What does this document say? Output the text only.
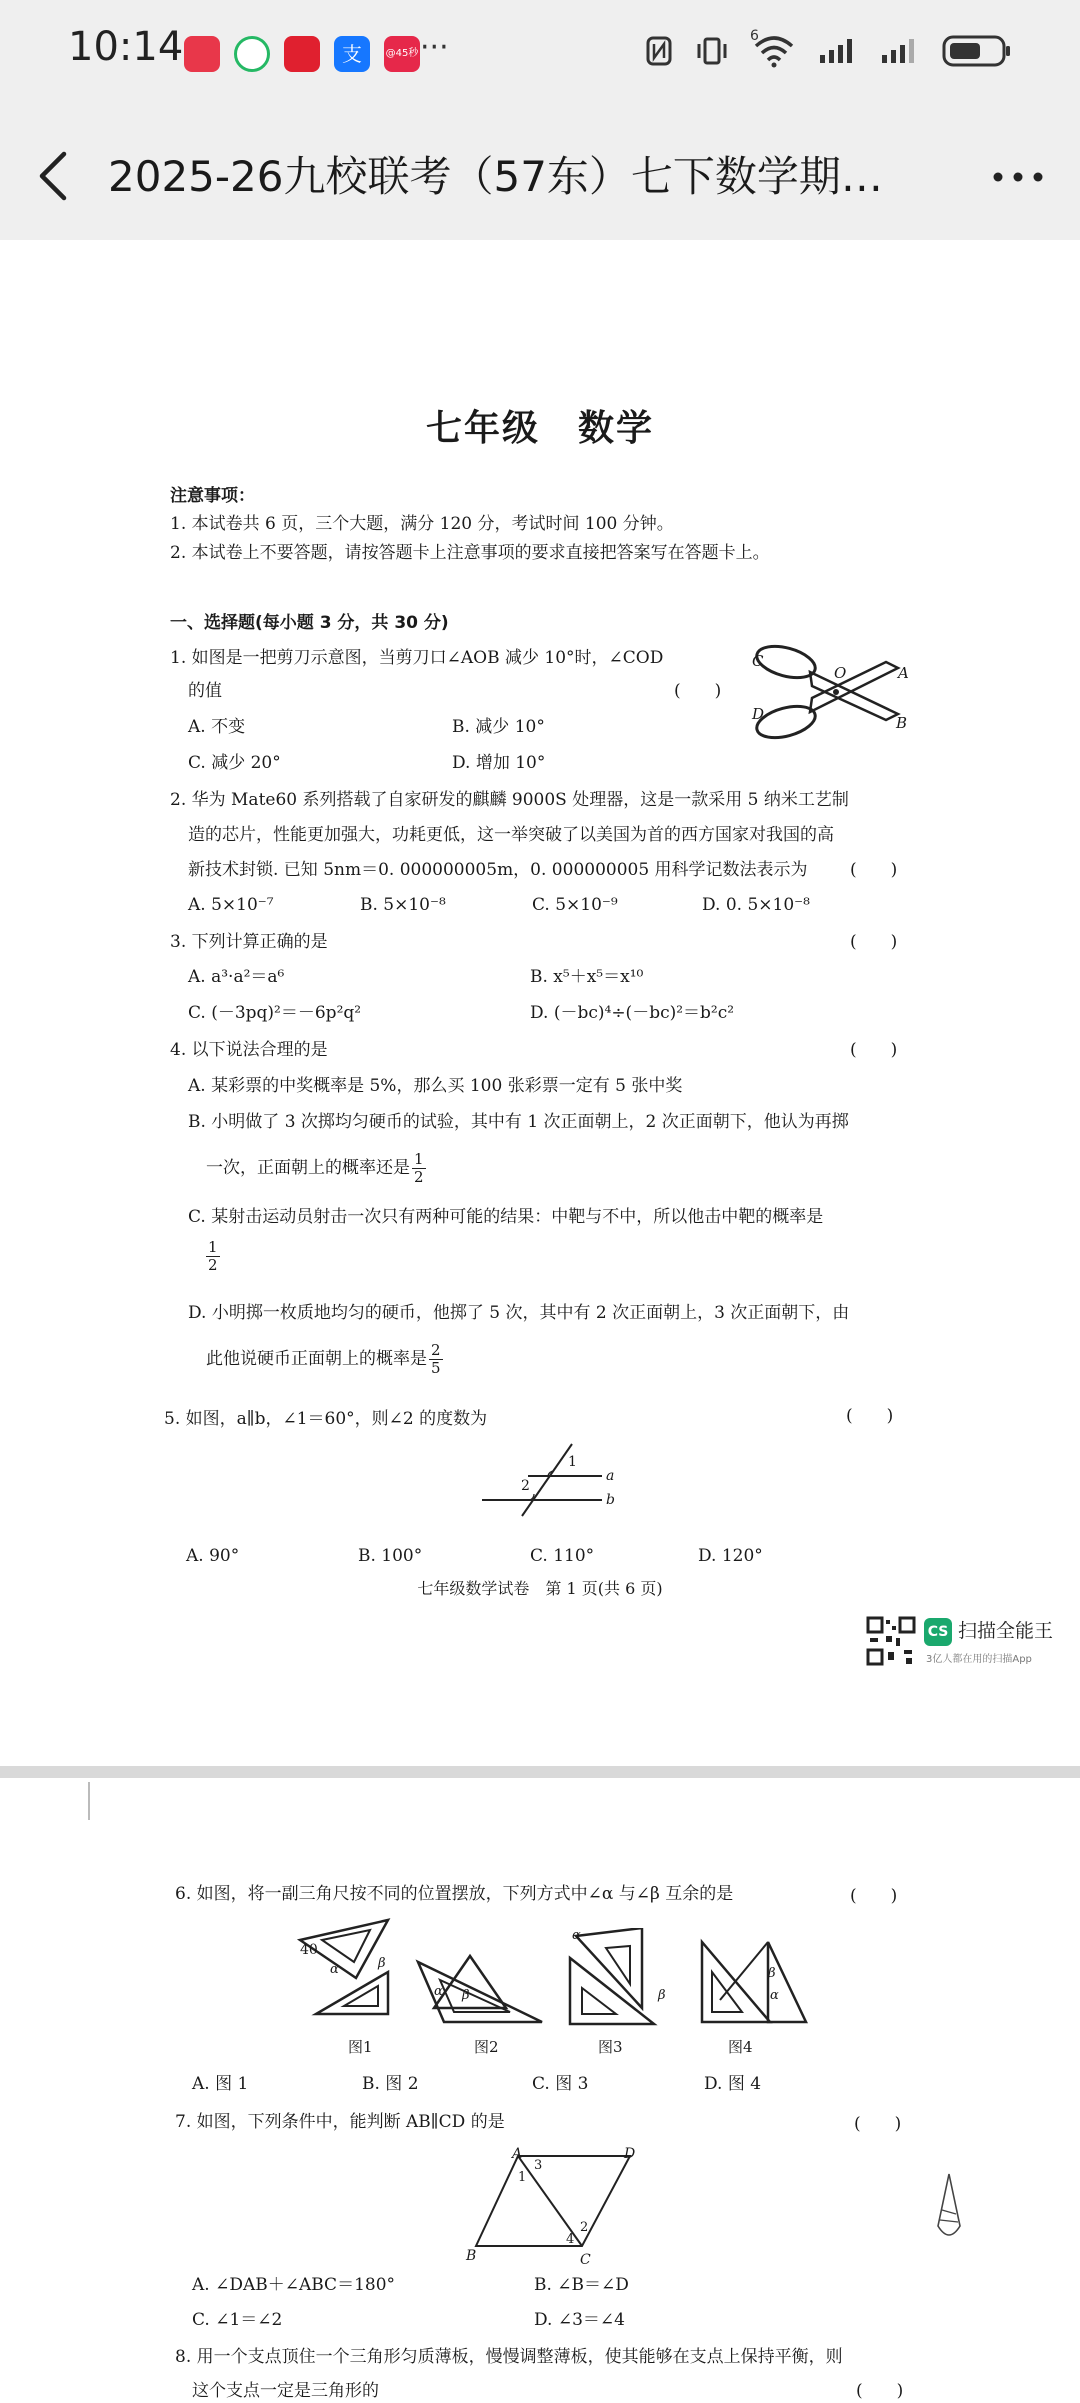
10:14	支	@45秒 ···	6
2025-26九校联考（57东）七下数学期…
七年级　数学
注意事项：
1. 本试卷共 6 页，三个大题，满分 120 分，考试时间 100 分钟。
2. 本试卷上不要答题，请按答题卡上注意事项的要求直接把答案写在答题卡上。
一、选择题(每小题 3 分，共 30 分)
1. 如图是一把剪刀示意图，当剪刀口∠AOB 减少 10°时，∠COD
的值	(　　)
A. 不变	B. 减少 10°
C. 减少 20°	D. 增加 10°
C
O	A
D	B
2. 华为 Mate60 系列搭载了自家研发的麒麟 9000S 处理器，这是一款采用 5 纳米工艺制
造的芯片，性能更加强大，功耗更低，这一举突破了以美国为首的西方国家对我国的高
新技术封锁. 已知 5nm＝0. 000000005m，0. 000000005 用科学记数法表示为 (　　)
A. 5×10⁻⁷	B. 5×10⁻⁸	C. 5×10⁻⁹	D. 0. 5×10⁻⁸
3. 下列计算正确的是	(　　)
A. a³·a²＝a⁶	B. x⁵＋x⁵＝x¹⁰
C. (－3pq)²＝－6p²q²	D. (－bc)⁴÷(－bc)²＝b²c²
4. 以下说法合理的是	(　　)
A. 某彩票的中奖概率是 5%，那么买 100 张彩票一定有 5 张中奖
B. 小明做了 3 次掷均匀硬币的试验，其中有 1 次正面朝上，2 次正面朝下，他认为再掷
一次，正面朝上的概率还是 $\frac{1}{2}$
C. 某射击运动员射击一次只有两种可能的结果：中靶与不中，所以他击中靶的概率是
$\frac{1}{2}$
D. 小明掷一枚质地均匀的硬币，他掷了 5 次，其中有 2 次正面朝上，3 次正面朝下，由
此他说硬币正面朝上的概率是 $\frac{2}{5}$
5. 如图，a∥b，∠1＝60°，则∠2 的度数为	(　　)
1
2
a
b
A. 90°	B. 100°	C. 110°	D. 120°
七年级数学试卷　第 1 页(共 6 页)
CS 扫描全能王
3亿人都在用的扫描App
6. 如图，将一副三角尺按不同的位置摆放，下列方式中∠α 与∠β 互余的是	(　　)
40
α	β
α β
α
β
β
α
图1	图2	图3	图4
A. 图 1	B. 图 2	C. 图 3	D. 图 4
7. 如图，下列条件中，能判断 AB∥CD 的是	(　　)
A	D
B	C
1
3
2
4
A. ∠DAB＋∠ABC＝180°	B. ∠B＝∠D
C. ∠1＝∠2	D. ∠3＝∠4
8. 用一个支点顶住一个三角形匀质薄板，慢慢调整薄板，使其能够在支点上保持平衡，则
这个支点一定是三角形的	(　　)
